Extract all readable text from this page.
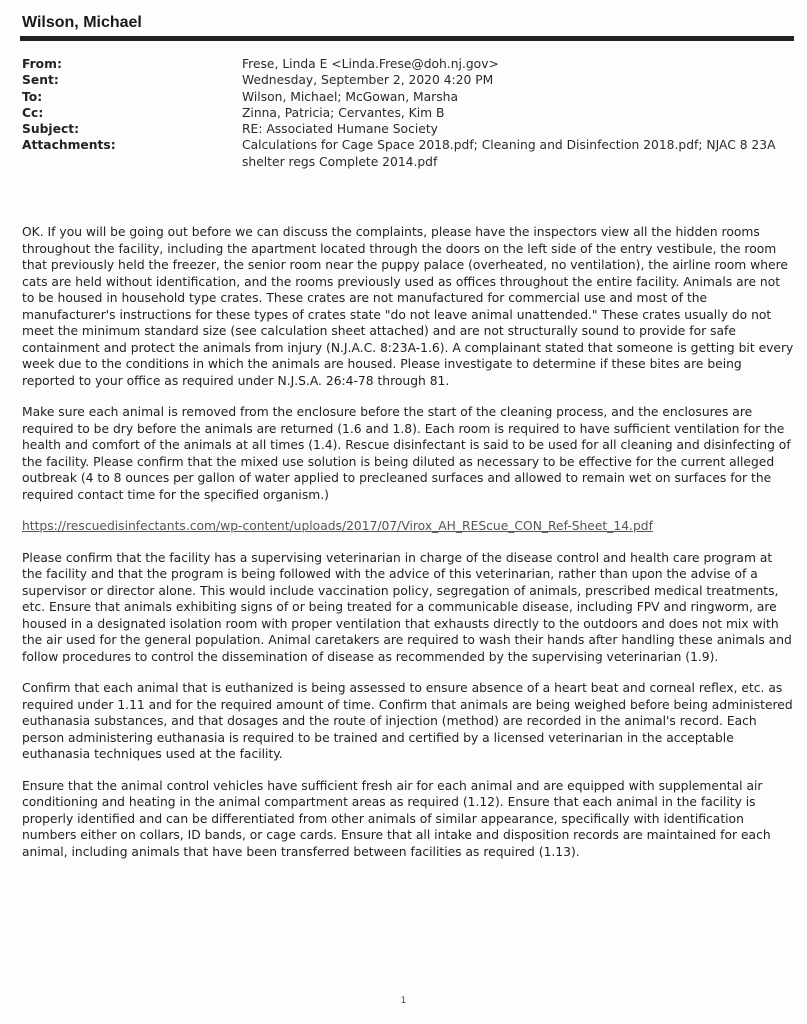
Wilson, Michael
From:	Frese, Linda E <Linda.Frese@doh.nj.gov>
Sent:	Wednesday, September 2, 2020 4:20 PM
To:	Wilson, Michael; McGowan, Marsha
Cc:	Zinna, Patricia; Cervantes, Kim B
Subject:	RE: Associated Humane Society
Attachments:	Calculations for Cage Space 2018.pdf; Cleaning and Disinfection 2018.pdf; NJAC 8 23A shelter regs Complete 2014.pdf

OK. If you will be going out before we can discuss the complaints, please have the inspectors view all the hidden rooms throughout the facility, including the apartment located through the doors on the left side of the entry vestibule, the room that previously held the freezer, the senior room near the puppy palace (overheated, no ventilation), the airline room where cats are held without identification, and the rooms previously used as offices throughout the entire facility. Animals are not to be housed in household type crates. These crates are not manufactured for commercial use and most of the manufacturer's instructions for these types of crates state "do not leave animal unattended." These crates usually do not meet the minimum standard size (see calculation sheet attached) and are not structurally sound to provide for safe containment and protect the animals from injury (N.J.A.C. 8:23A-1.6). A complainant stated that someone is getting bit every week due to the conditions in which the animals are housed. Please investigate to determine if these bites are being reported to your office as required under N.J.S.A. 26:4-78 through 81.

Make sure each animal is removed from the enclosure before the start of the cleaning process, and the enclosures are required to be dry before the animals are returned (1.6 and 1.8). Each room is required to have sufficient ventilation for the health and comfort of the animals at all times (1.4). Rescue disinfectant is said to be used for all cleaning and disinfecting of the facility. Please confirm that the mixed use solution is being diluted as necessary to be effective for the current alleged outbreak (4 to 8 ounces per gallon of water applied to precleaned surfaces and allowed to remain wet on surfaces for the required contact time for the specified organism.)

https://rescuedisinfectants.com/wp-content/uploads/2017/07/Virox_AH_REScue_CON_Ref-Sheet_14.pdf

Please confirm that the facility has a supervising veterinarian in charge of the disease control and health care program at the facility and that the program is being followed with the advice of this veterinarian, rather than upon the advise of a supervisor or director alone. This would include vaccination policy, segregation of animals, prescribed medical treatments, etc. Ensure that animals exhibiting signs of or being treated for a communicable disease, including FPV and ringworm, are housed in a designated isolation room with proper ventilation that exhausts directly to the outdoors and does not mix with the air used for the general population. Animal caretakers are required to wash their hands after handling these animals and follow procedures to control the dissemination of disease as recommended by the supervising veterinarian (1.9).

Confirm that each animal that is euthanized is being assessed to ensure absence of a heart beat and corneal reflex, etc. as required under 1.11 and for the required amount of time. Confirm that animals are being weighed before being administered euthanasia substances, and that dosages and the route of injection (method) are recorded in the animal's record. Each person administering euthanasia is required to be trained and certified by a licensed veterinarian in the acceptable euthanasia techniques used at the facility.

Ensure that the animal control vehicles have sufficient fresh air for each animal and are equipped with supplemental air conditioning and heating in the animal compartment areas as required (1.12). Ensure that each animal in the facility is properly identified and can be differentiated from other animals of similar appearance, specifically with identification numbers either on collars, ID bands, or cage cards. Ensure that all intake and disposition records are maintained for each animal, including animals that have been transferred between facilities as required (1.13).

1
